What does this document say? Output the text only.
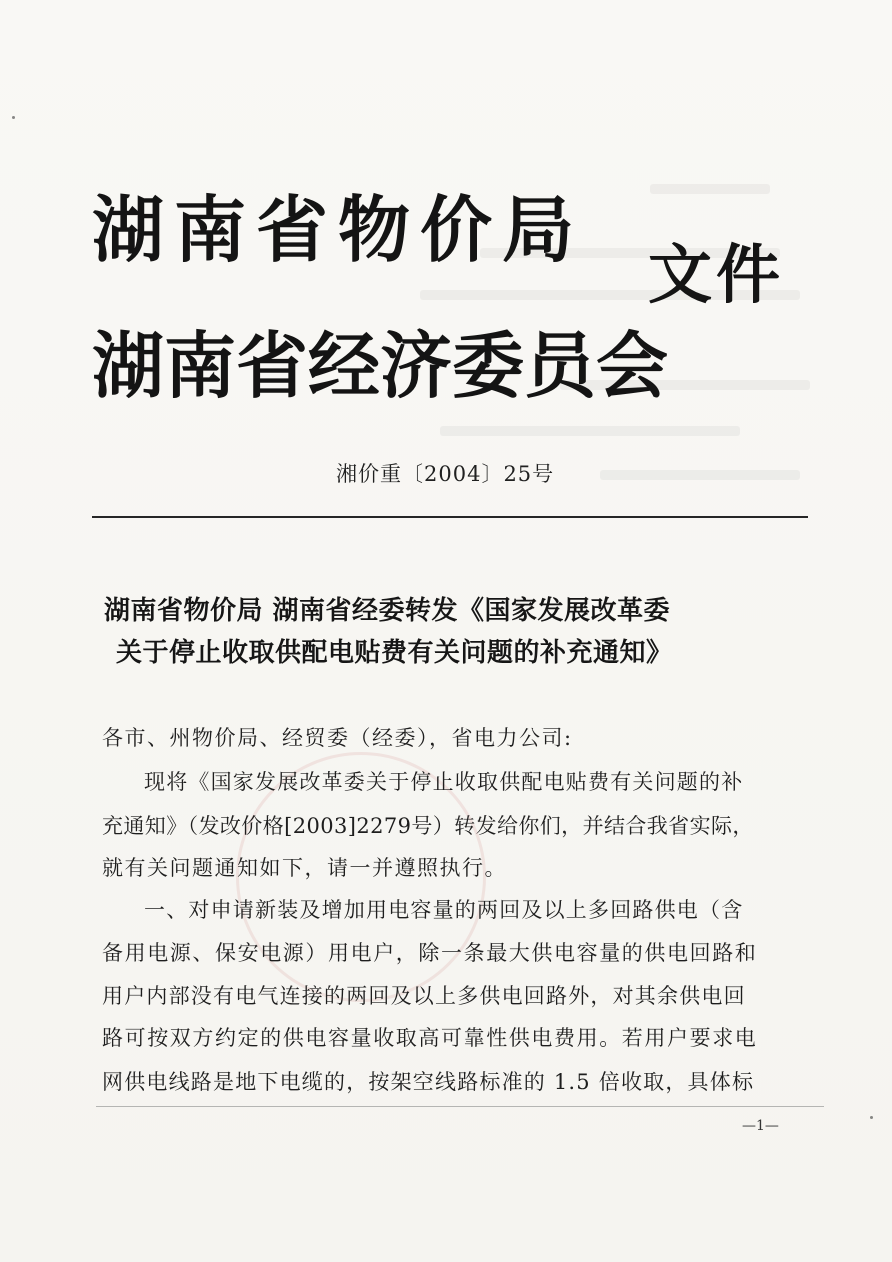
湖南省物价局
文件
湖南省经济委员会
湘价重〔2004〕25号
湖南省物价局 湖南省经委转发《国家发展改革委
关于停止收取供配电贴费有关问题的补充通知》
各市、州物价局、经贸委（经委），省电力公司:
现将《国家发展改革委关于停止收取供配电贴费有关问题的补
充通知》（发改价格[2003]2279号）转发给你们，并结合我省实际，
就有关问题通知如下，请一并遵照执行。
一、对申请新装及增加用电容量的两回及以上多回路供电（含
备用电源、保安电源）用电户，除一条最大供电容量的供电回路和
用户内部没有电气连接的两回及以上多供电回路外，对其余供电回
路可按双方约定的供电容量收取高可靠性供电费用。若用户要求电
网供电线路是地下电缆的，按架空线路标准的 1.5 倍收取，具体标
—1—
